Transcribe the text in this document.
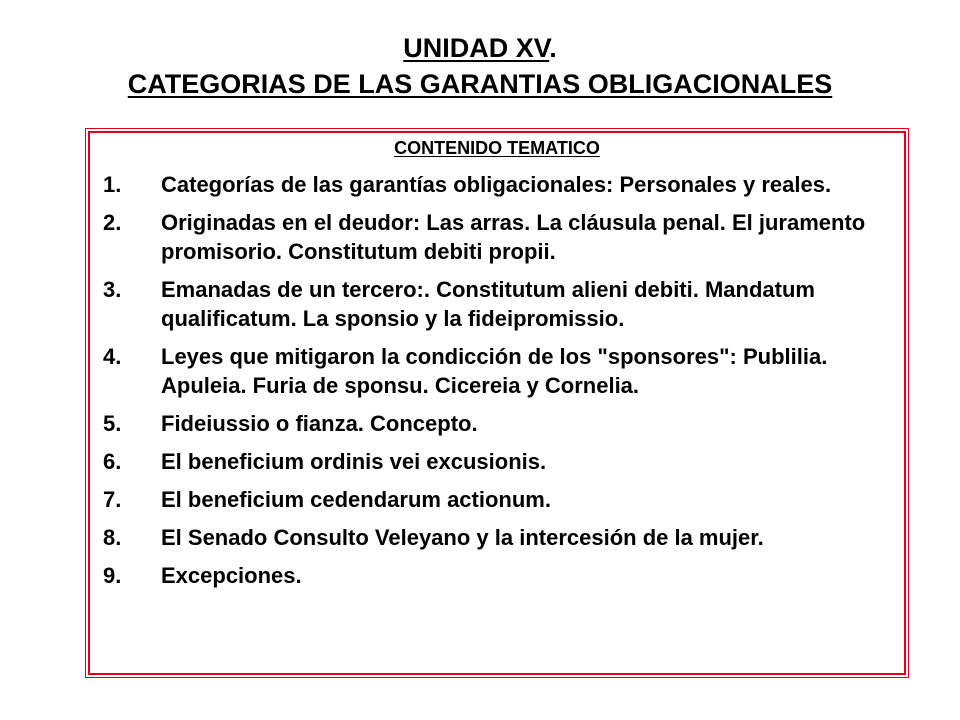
UNIDAD XV.
CATEGORIAS DE LAS GARANTIAS OBLIGACIONALES
CONTENIDO TEMATICO
1.	Categorías de las garantías obligacionales: Personales y reales.
2.	Originadas en el deudor: Las arras. La cláusula penal. El juramento promisorio. Constitutum debiti propii.
3.	Emanadas de un tercero:. Constitutum alieni debiti. Mandatum qualificatum. La sponsio y la fideipromissio.
4.	Leyes que mitigaron la condicción de los "sponsores": Publilia. Apuleia. Furia de sponsu. Cicereia y Cornelia.
5.	Fideiussio o fianza. Concepto.
6.	El beneficium ordinis vei excusionis.
7.	El beneficium cedendarum actionum.
8.	El Senado Consulto Veleyano y la intercesión de la mujer.
9.	Excepciones.
